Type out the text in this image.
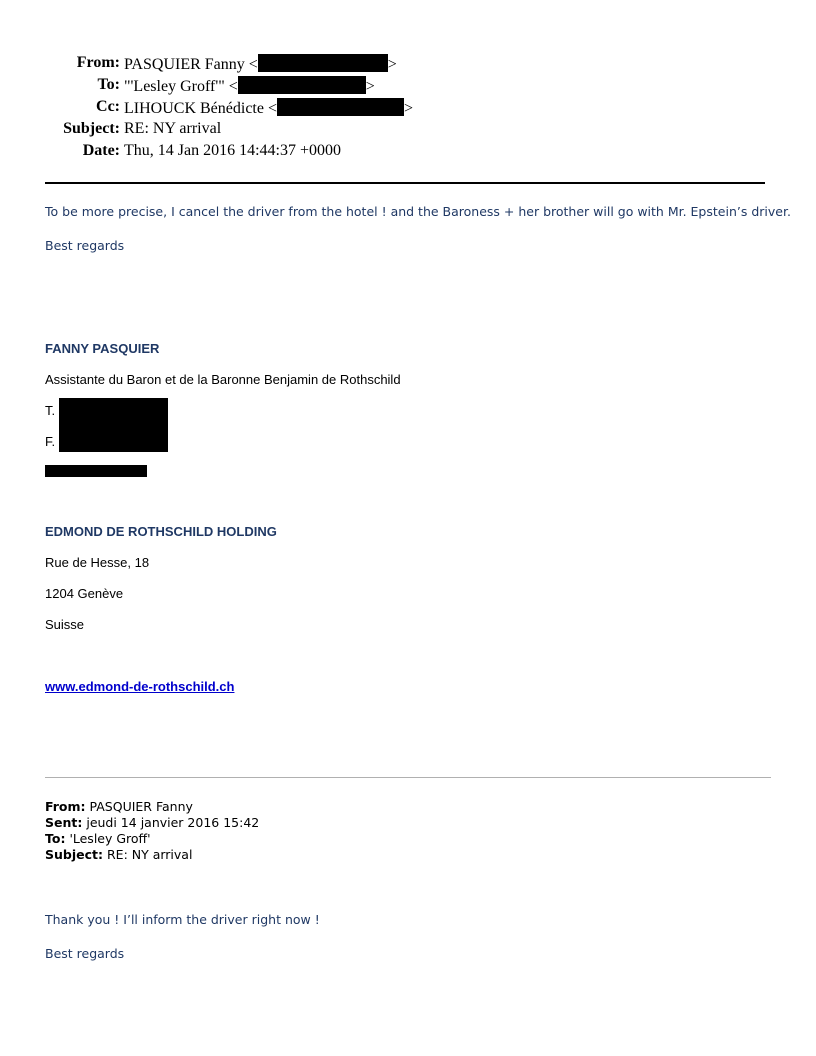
From: PASQUIER Fanny <	>
To: "'Lesley Groff'" <	>
Cc: LIHOUCK Bénédicte <	>
Subject: RE: NY arrival
Date: Thu, 14 Jan 2016 14:44:37 +0000
To be more precise, I cancel the driver from the hotel ! and the Baroness + her brother will go with Mr. Epstein’s driver.
Best regards
FANNY PASQUIER
Assistante du Baron et de la Baronne Benjamin de Rothschild
T.
F.
EDMOND DE ROTHSCHILD HOLDING
Rue de Hesse, 18
1204 Genève
Suisse
www.edmond-de-rothschild.ch
From: PASQUIER Fanny
Sent: jeudi 14 janvier 2016 15:42
To: 'Lesley Groff'
Subject: RE: NY arrival
Thank you ! I’ll inform the driver right now !
Best regards
